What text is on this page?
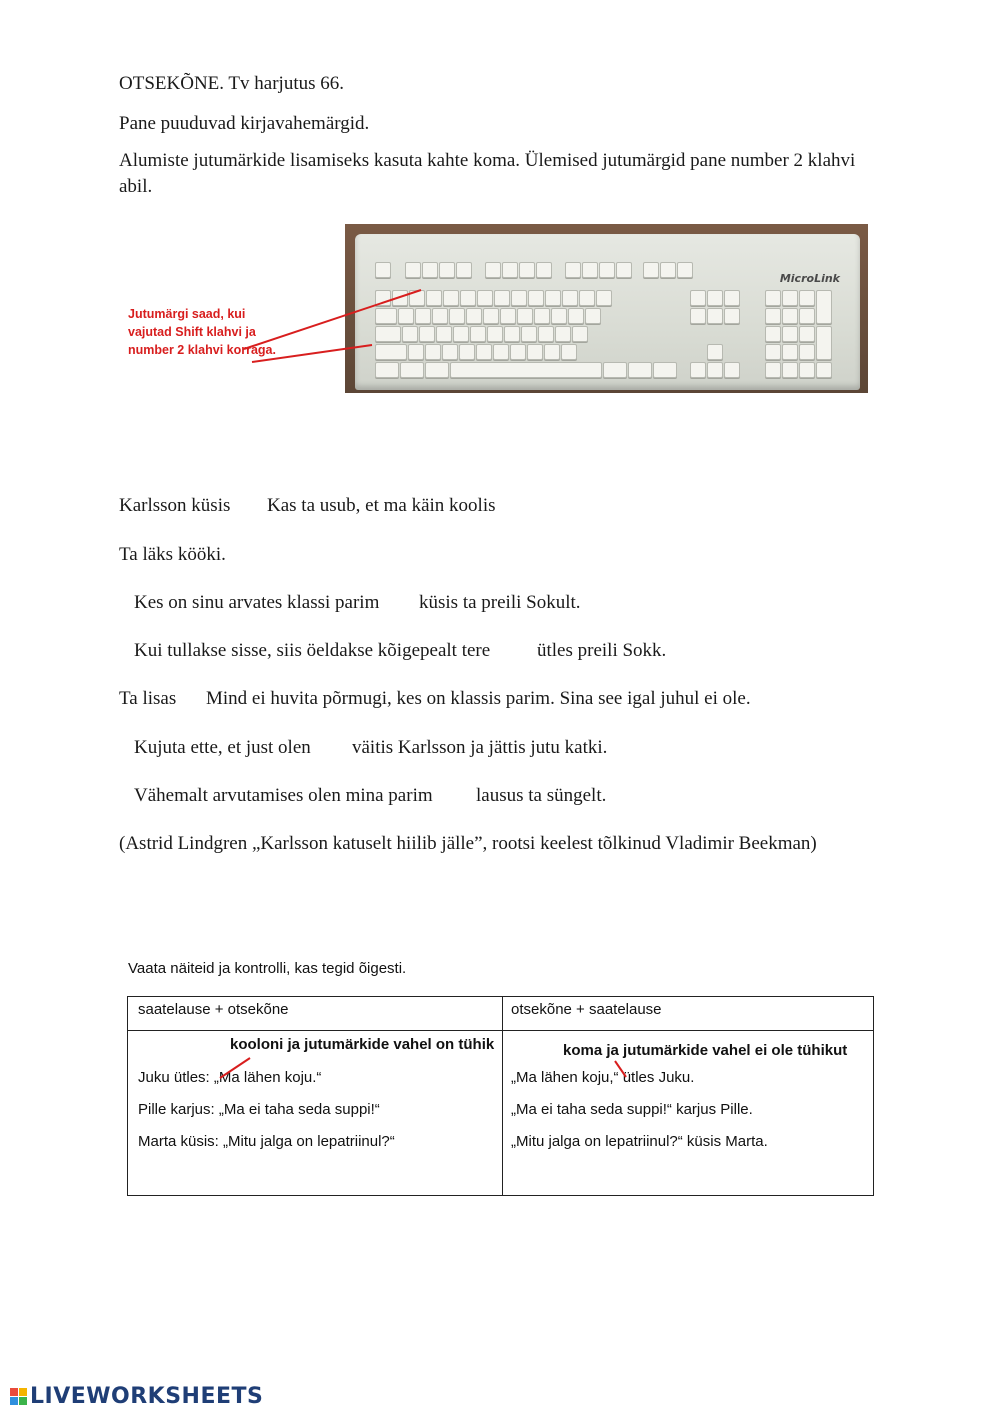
OTSEKÕNE. Tv harjutus 66.
Pane puuduvad kirjavahemärgid.
Alumiste jutumärkide lisamiseks kasuta kahte koma. Ülemised jutumärgid pane number 2 klahvi abil.
MicroLink
Jutumärgi saad, kui vajutad Shift klahvi ja number 2 klahvi korraga.
Karlsson küsis Kas ta usub, et ma käin koolis
Ta läks kööki.
Kes on sinu arvates klassi parim küsis ta preili Sokult.
Kui tullakse sisse, siis öeldakse kõigepealt tere ütles preili Sokk.
Ta lisas Mind ei huvita põrmugi, kes on klassis parim. Sina see igal juhul ei ole.
Kujuta ette, et just olen väitis Karlsson ja jättis jutu katki.
Vähemalt arvutamises olen mina parim lausus ta süngelt.
(Astrid Lindgren „Karlsson katuselt hiilib jälle”, rootsi keelest tõlkinud Vladimir Beekman)
Vaata näiteid ja kontrolli, kas tegid õigesti.
saatelause + otsekõne	otsekõne + saatelause
kooloni ja jutumärkide vahel on tühik	koma ja jutumärkide vahel ei ole tühikut
Juku ütles: „Ma lähen koju.“
Pille karjus: „Ma ei taha seda suppi!“
Marta küsis: „Mitu jalga on lepatriinul?“
„Ma lähen koju,“ ütles Juku.
„Ma ei taha seda suppi!“ karjus Pille.
„Mitu jalga on lepatriinul?“ küsis Marta.
LIVEWORKSHEETS
